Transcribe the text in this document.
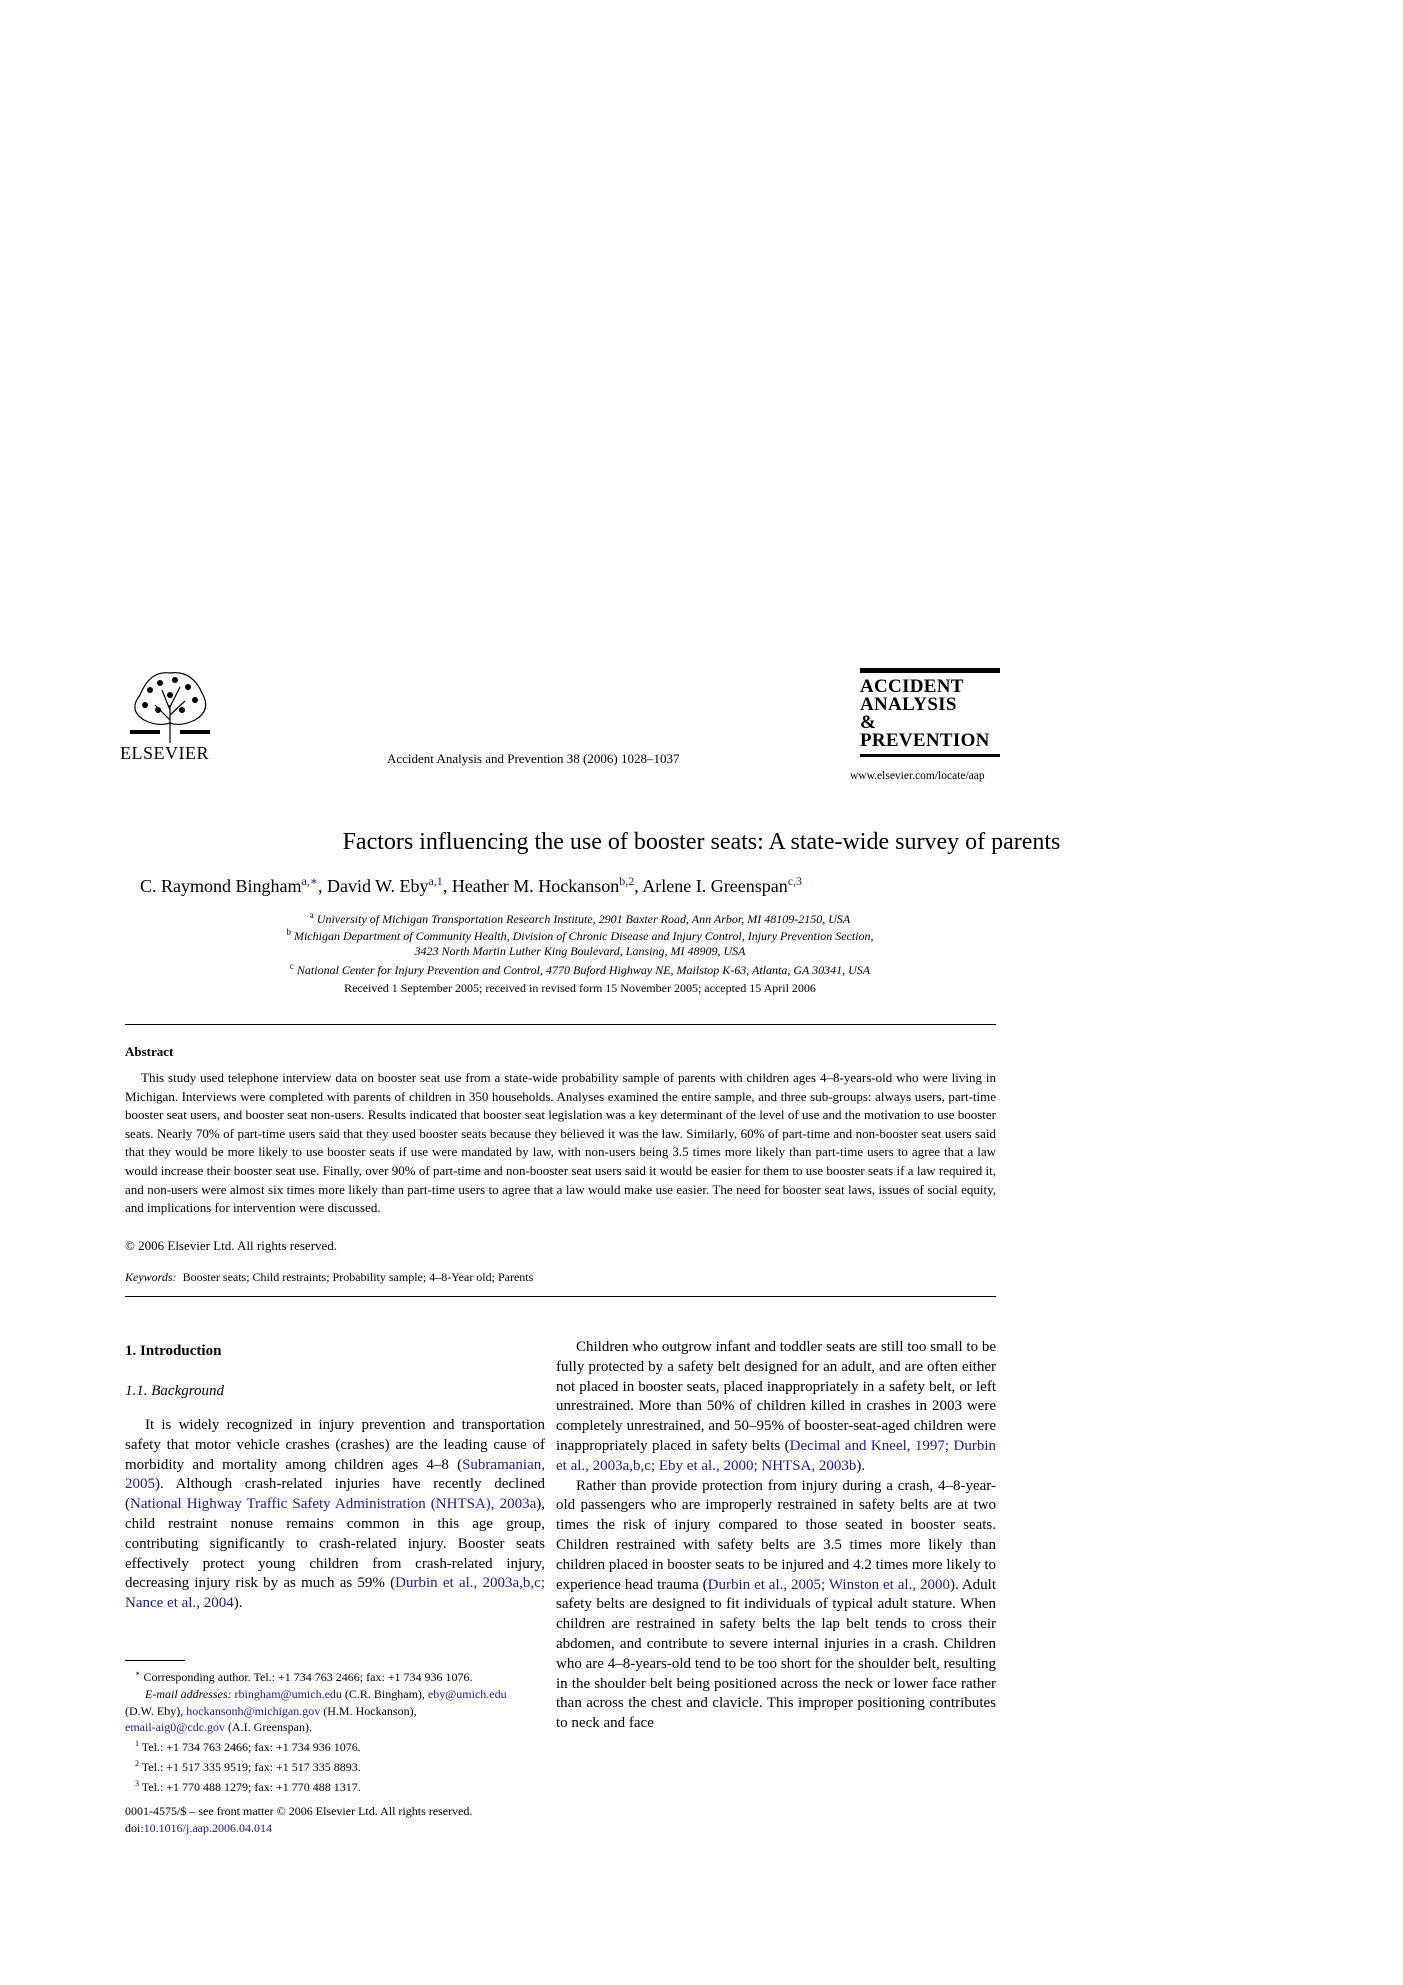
ELSEVIER	Accident Analysis and Prevention 38 (2006) 1028–1037
ACCIDENT
ANALYSIS
&
PREVENTION
www.elsevier.com/locate/aap
Factors influencing the use of booster seats: A state-wide survey of parents
C. Raymond Bingham$^{a,∗}$, David W. Eby$^{a,1}$, Heather M. Hockanson$^{b,2}$, Arlene I. Greenspan$^{c,3}$
$^a$ University of Michigan Transportation Research Institute, 2901 Baxter Road, Ann Arbor, MI 48109-2150, USA
$^b$ Michigan Department of Community Health, Division of Chronic Disease and Injury Control, Injury Prevention Section,
3423 North Martin Luther King Boulevard, Lansing, MI 48909, USA
$^c$ National Center for Injury Prevention and Control, 4770 Buford Highway NE, Mailstop K-63, Atlanta, GA 30341, USA
Received 1 September 2005; received in revised form 15 November 2005; accepted 15 April 2006
Abstract
This study used telephone interview data on booster seat use from a state-wide probability sample of parents with children ages 4–8-years-old who were living in Michigan. Interviews were completed with parents of children in 350 households. Analyses examined the entire sample, and three sub-groups: always users, part-time booster seat users, and booster seat non-users. Results indicated that booster seat legislation was a key determinant of the level of use and the motivation to use booster seats. Nearly 70% of part-time users said that they used booster seats because they believed it was the law. Similarly, 60% of part-time and non-booster seat users said that they would be more likely to use booster seats if use were mandated by law, with non-users being 3.5 times more likely than part-time users to agree that a law would increase their booster seat use. Finally, over 90% of part-time and non-booster seat users said it would be easier for them to use booster seats if a law required it, and non-users were almost six times more likely than part-time users to agree that a law would make use easier. The need for booster seat laws, issues of social equity, and implications for intervention were discussed.
© 2006 Elsevier Ltd. All rights reserved.
Keywords: Booster seats; Child restraints; Probability sample; 4–8-Year old; Parents
1. Introduction
1.1. Background

It is widely recognized in injury prevention and transportation safety that motor vehicle crashes (crashes) are the leading cause of morbidity and mortality among children ages 4–8 (Subramanian, 2005). Although crash-related injuries have recently declined (National Highway Traffic Safety Administration (NHTSA), 2003a), child restraint nonuse remains common in this age group, contributing significantly to crash-related injury. Booster seats effectively protect young children from crash-related injury, decreasing injury risk by as much as 59% (Durbin et al., 2003a,b,c; Nance et al., 2004).

Children who outgrow infant and toddler seats are still too small to be fully protected by a safety belt designed for an adult, and are often either not placed in booster seats, placed inappropriately in a safety belt, or left unrestrained. More than 50% of children killed in crashes in 2003 were completely unrestrained, and 50–95% of booster-seat-aged children were inappropriately placed in safety belts (Decimal and Kneel, 1997; Durbin et al., 2003a,b,c; Eby et al., 2000; NHTSA, 2003b).

Rather than provide protection from injury during a crash, 4–8-year-old passengers who are improperly restrained in safety belts are at two times the risk of injury compared to those seated in booster seats. Children restrained with safety belts are 3.5 times more likely than children placed in booster seats to be injured and 4.2 times more likely to experience head trauma (Durbin et al., 2005; Winston et al., 2000). Adult safety belts are designed to fit individuals of typical adult stature. When children are restrained in safety belts the lap belt tends to cross their abdomen, and contribute to severe internal injuries in a crash. Children who are 4–8-years-old tend to be too short for the shoulder belt, resulting in the shoulder belt being positioned across the neck or lower face rather than across the chest and clavicle. This improper positioning contributes to neck and face

∗ Corresponding author. Tel.: +1 734 763 2466; fax: +1 734 936 1076.

E-mail addresses: rbingham@umich.edu (C.R. Bingham), eby@umich.edu

(D.W. Eby), hockansonh@michigan.gov (H.M. Hockanson),

email-aig0@cdc.gov (A.I. Greenspan).

$^1$ Tel.: +1 734 763 2466; fax: +1 734 936 1076.

$^2$ Tel.: +1 517 335 9519; fax: +1 517 335 8893.

$^3$ Tel.: +1 770 488 1279; fax: +1 770 488 1317.

0001-4575/$ – see front matter © 2006 Elsevier Ltd. All rights reserved.
doi:10.1016/j.aap.2006.04.014
